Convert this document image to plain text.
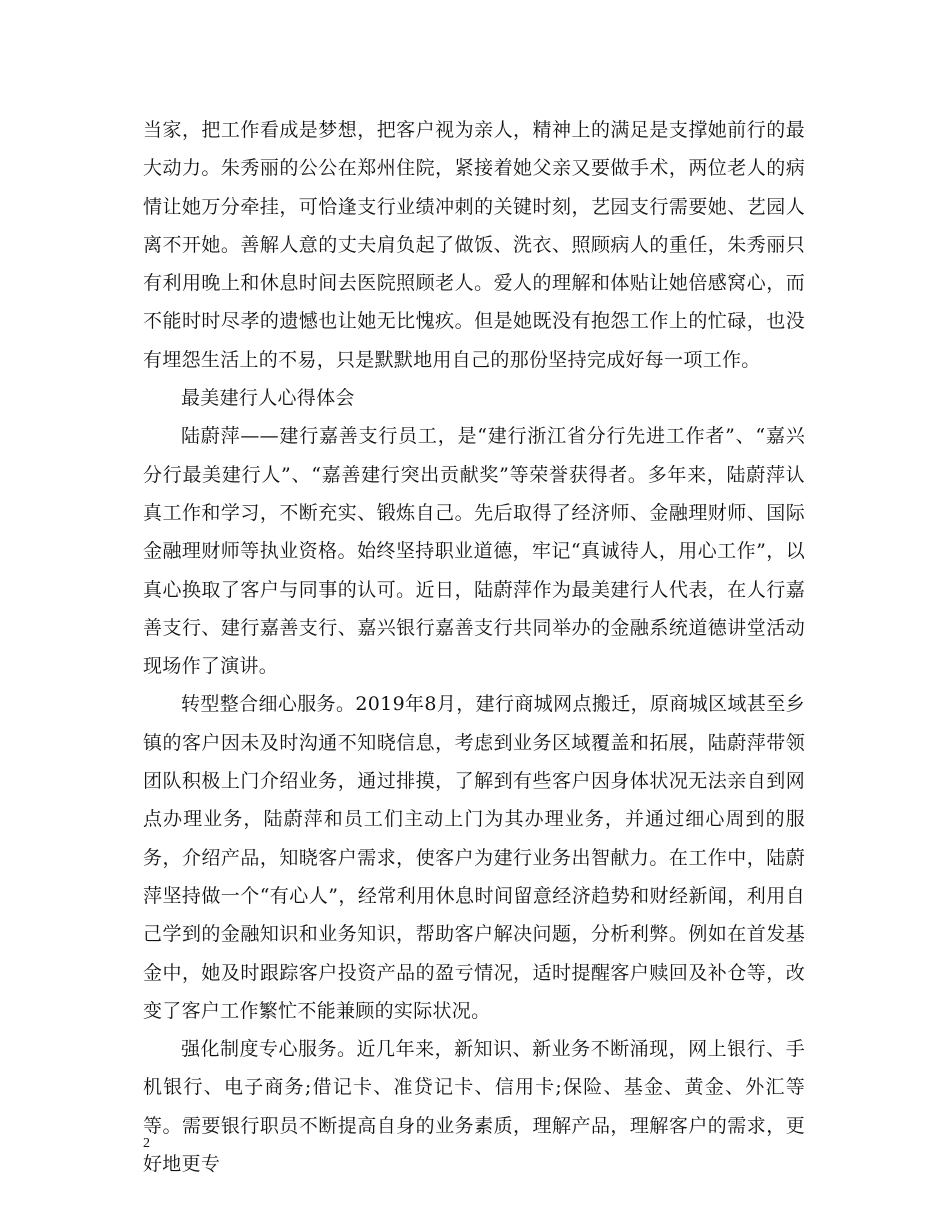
当家，把工作看成是梦想，把客户视为亲人，精神上的满足是支撑她前行的最大动力。朱秀丽的公公在郑州住院，紧接着她父亲又要做手术，两位老人的病情让她万分牵挂，可恰逢支行业绩冲刺的关键时刻，艺园支行需要她、艺园人离不开她。善解人意的丈夫肩负起了做饭、洗衣、照顾病人的重任，朱秀丽只有利用晚上和休息时间去医院照顾老人。爱人的理解和体贴让她倍感窝心，而不能时时尽孝的遗憾也让她无比愧疚。但是她既没有抱怨工作上的忙碌，也没有埋怨生活上的不易，只是默默地用自己的那份坚持完成好每一项工作。

最美建行人心得体会

陆蔚萍——建行嘉善支行员工，是“建行浙江省分行先进工作者”、“嘉兴分行最美建行人”、“嘉善建行突出贡献奖”等荣誉获得者。多年来，陆蔚萍认真工作和学习，不断充实、锻炼自己。先后取得了经济师、金融理财师、国际金融理财师等执业资格。始终坚持职业道德，牢记“真诚待人，用心工作”，以真心换取了客户与同事的认可。近日，陆蔚萍作为最美建行人代表，在人行嘉善支行、建行嘉善支行、嘉兴银行嘉善支行共同举办的金融系统道德讲堂活动现场作了演讲。

转型整合细心服务。2019年8月，建行商城网点搬迁，原商城区域甚至乡镇的客户因未及时沟通不知晓信息，考虑到业务区域覆盖和拓展，陆蔚萍带领团队积极上门介绍业务，通过排摸，了解到有些客户因身体状况无法亲自到网点办理业务，陆蔚萍和员工们主动上门为其办理业务，并通过细心周到的服务，介绍产品，知晓客户需求，使客户为建行业务出智献力。在工作中，陆蔚萍坚持做一个“有心人”，经常利用休息时间留意经济趋势和财经新闻，利用自己学到的金融知识和业务知识，帮助客户解决问题，分析利弊。例如在首发基金中，她及时跟踪客户投资产品的盈亏情况，适时提醒客户赎回及补仓等，改变了客户工作繁忙不能兼顾的实际状况。

强化制度专心服务。近几年来，新知识、新业务不断涌现，网上银行、手机银行、电子商务;借记卡、准贷记卡、信用卡;保险、基金、黄金、外汇等等。需要银行职员不断提高自身的业务素质，理解产品，理解客户的需求，更好地更专

2
